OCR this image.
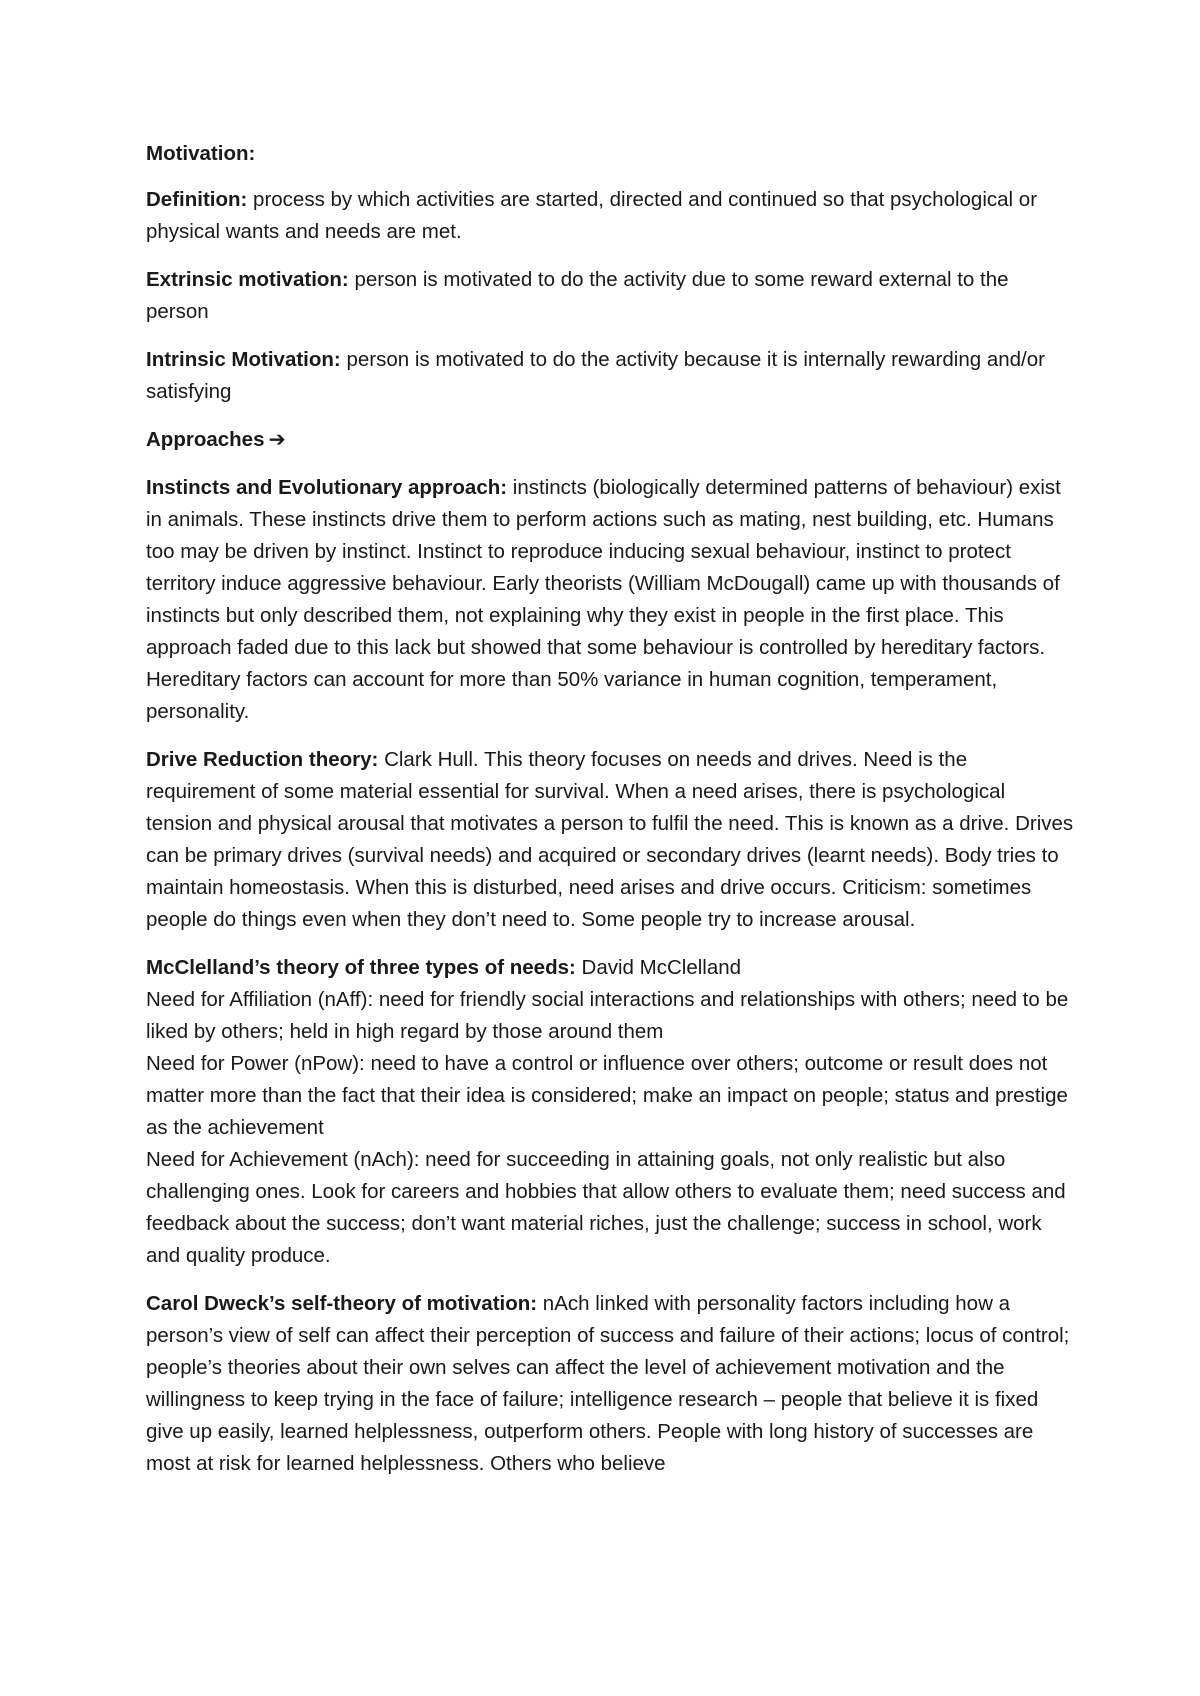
Motivation:

Definition: process by which activities are started, directed and continued so that psychological or physical wants and needs are met.

Extrinsic motivation: person is motivated to do the activity due to some reward external to the person

Intrinsic Motivation: person is motivated to do the activity because it is internally rewarding and/or satisfying

Approaches ➔

Instincts and Evolutionary approach: instincts (biologically determined patterns of behaviour) exist in animals. These instincts drive them to perform actions such as mating, nest building, etc. Humans too may be driven by instinct. Instinct to reproduce inducing sexual behaviour, instinct to protect territory induce aggressive behaviour. Early theorists (William McDougall) came up with thousands of instincts but only described them, not explaining why they exist in people in the first place. This approach faded due to this lack but showed that some behaviour is controlled by hereditary factors. Hereditary factors can account for more than 50% variance in human cognition, temperament, personality.

Drive Reduction theory: Clark Hull. This theory focuses on needs and drives. Need is the requirement of some material essential for survival. When a need arises, there is psychological tension and physical arousal that motivates a person to fulfil the need. This is known as a drive. Drives can be primary drives (survival needs) and acquired or secondary drives (learnt needs). Body tries to maintain homeostasis. When this is disturbed, need arises and drive occurs. Criticism: sometimes people do things even when they don’t need to. Some people try to increase arousal.

McClelland’s theory of three types of needs: David McClelland

Need for Affiliation (nAff): need for friendly social interactions and relationships with others; need to be liked by others; held in high regard by those around them

Need for Power (nPow): need to have a control or influence over others; outcome or result does not matter more than the fact that their idea is considered; make an impact on people; status and prestige as the achievement

Need for Achievement (nAch): need for succeeding in attaining goals, not only realistic but also challenging ones. Look for careers and hobbies that allow others to evaluate them; need success and feedback about the success; don’t want material riches, just the challenge; success in school, work and quality produce.

Carol Dweck’s self-theory of motivation: nAch linked with personality factors including how a person’s view of self can affect their perception of success and failure of their actions; locus of control; people’s theories about their own selves can affect the level of achievement motivation and the willingness to keep trying in the face of failure; intelligence research – people that believe it is fixed give up easily, learned helplessness, outperform others. People with long history of successes are most at risk for learned helplessness. Others who believe
